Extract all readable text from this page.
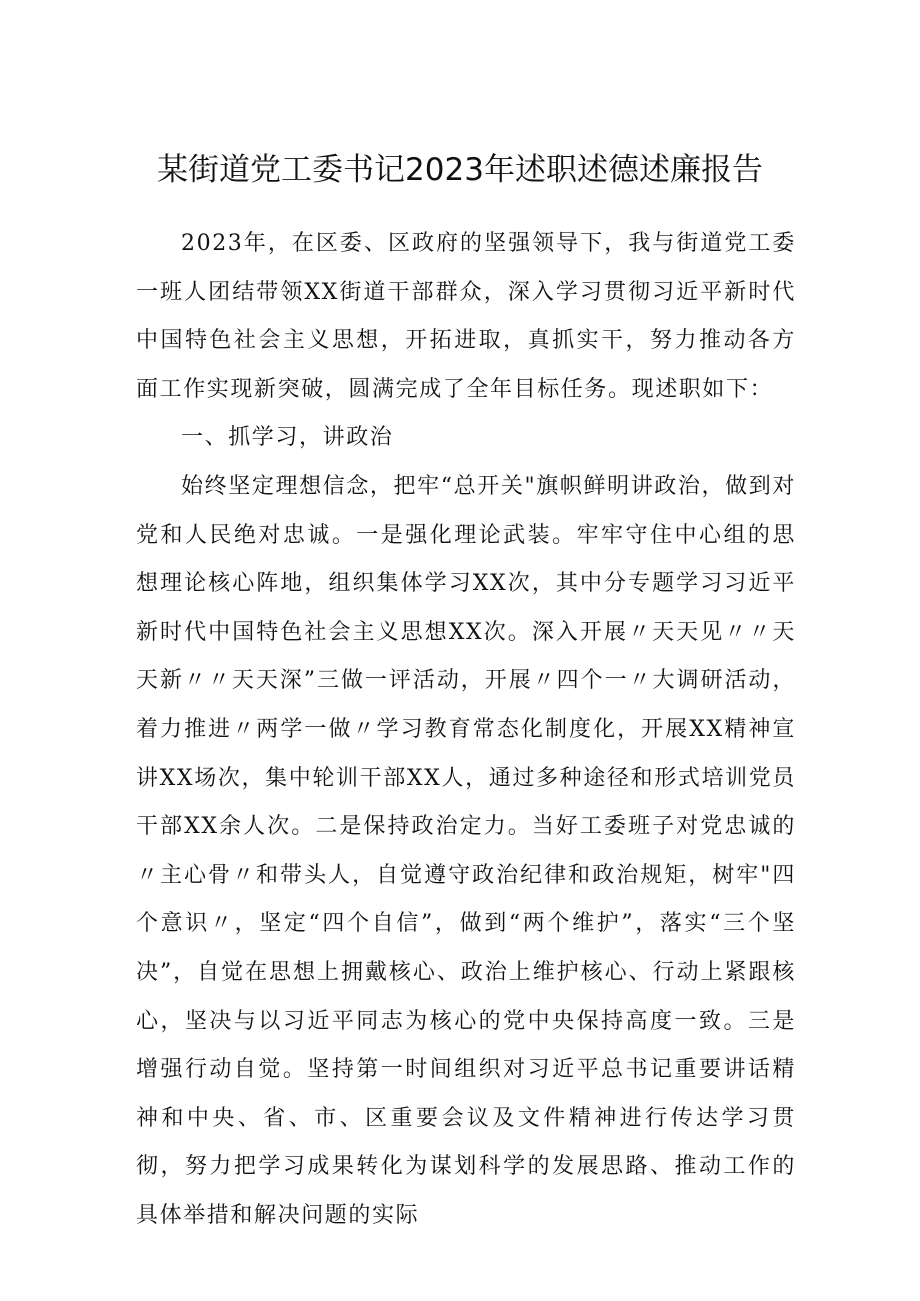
某街道党工委书记2023年述职述德述廉报告

2023年，在区委、区政府的坚强领导下，我与街道党工委一班人团结带领XX街道干部群众，深入学习贯彻习近平新时代中国特色社会主义思想，开拓进取，真抓实干，努力推动各方面工作实现新突破，圆满完成了全年目标任务。现述职如下：

一、抓学习，讲政治

始终坚定理想信念，把牢“总开关"旗帜鲜明讲政治，做到对党和人民绝对忠诚。一是强化理论武装。牢牢守住中心组的思想理论核心阵地，组织集体学习XX次，其中分专题学习习近平新时代中国特色社会主义思想XX次。深入开展〃天天见〃〃天天新〃〃天天深”三做一评活动，开展〃四个一〃大调研活动，着力推进〃两学一做〃学习教育常态化制度化，开展XX精神宣讲XX场次，集中轮训干部XX人，通过多种途径和形式培训党员干部XX余人次。二是保持政治定力。当好工委班子对党忠诚的〃主心骨〃和带头人，自觉遵守政治纪律和政治规矩，树牢"四个意识〃，坚定“四个自信”，做到“两个维护”，落实“三个坚决”，自觉在思想上拥戴核心、政治上维护核心、行动上紧跟核心，坚决与以习近平同志为核心的党中央保持高度一致。三是增强行动自觉。坚持第一时间组织对习近平总书记重要讲话精神和中央、省、市、区重要会议及文件精神进行传达学习贯彻，努力把学习成果转化为谋划科学的发展思路、推动工作的具体举措和解决问题的实际
